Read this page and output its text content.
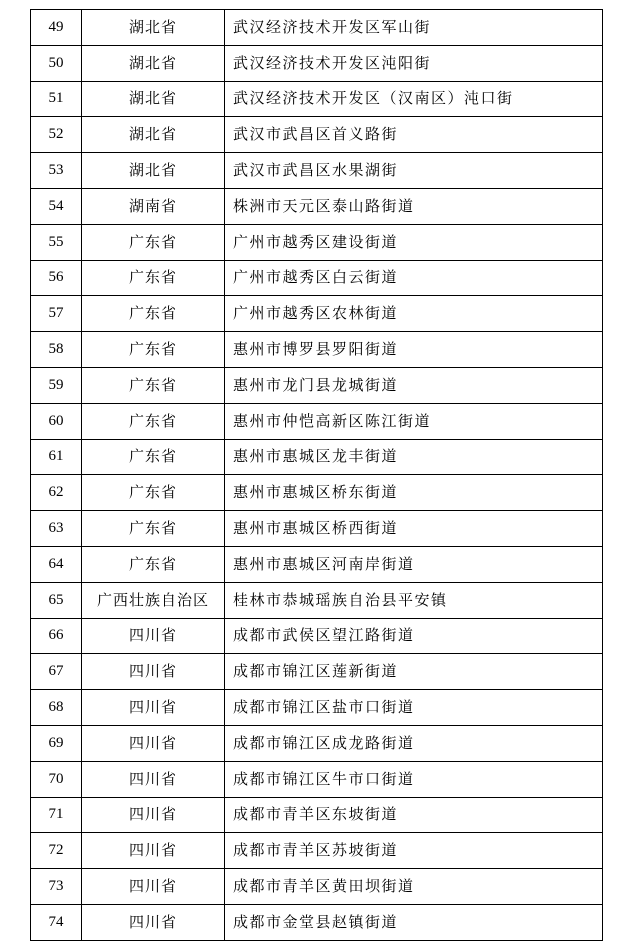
49	湖北省	武汉经济技术开发区军山街
50	湖北省	武汉经济技术开发区沌阳街
51	湖北省	武汉经济技术开发区（汉南区）沌口街
52	湖北省	武汉市武昌区首义路街
53	湖北省	武汉市武昌区水果湖街
54	湖南省	株洲市天元区泰山路街道
55	广东省	广州市越秀区建设街道
56	广东省	广州市越秀区白云街道
57	广东省	广州市越秀区农林街道
58	广东省	惠州市博罗县罗阳街道
59	广东省	惠州市龙门县龙城街道
60	广东省	惠州市仲恺高新区陈江街道
61	广东省	惠州市惠城区龙丰街道
62	广东省	惠州市惠城区桥东街道
63	广东省	惠州市惠城区桥西街道
64	广东省	惠州市惠城区河南岸街道
65	广西壮族自治区	桂林市恭城瑶族自治县平安镇
66	四川省	成都市武侯区望江路街道
67	四川省	成都市锦江区莲新街道
68	四川省	成都市锦江区盐市口街道
69	四川省	成都市锦江区成龙路街道
70	四川省	成都市锦江区牛市口街道
71	四川省	成都市青羊区东坡街道
72	四川省	成都市青羊区苏坡街道
73	四川省	成都市青羊区黄田坝街道
74	四川省	成都市金堂县赵镇街道
